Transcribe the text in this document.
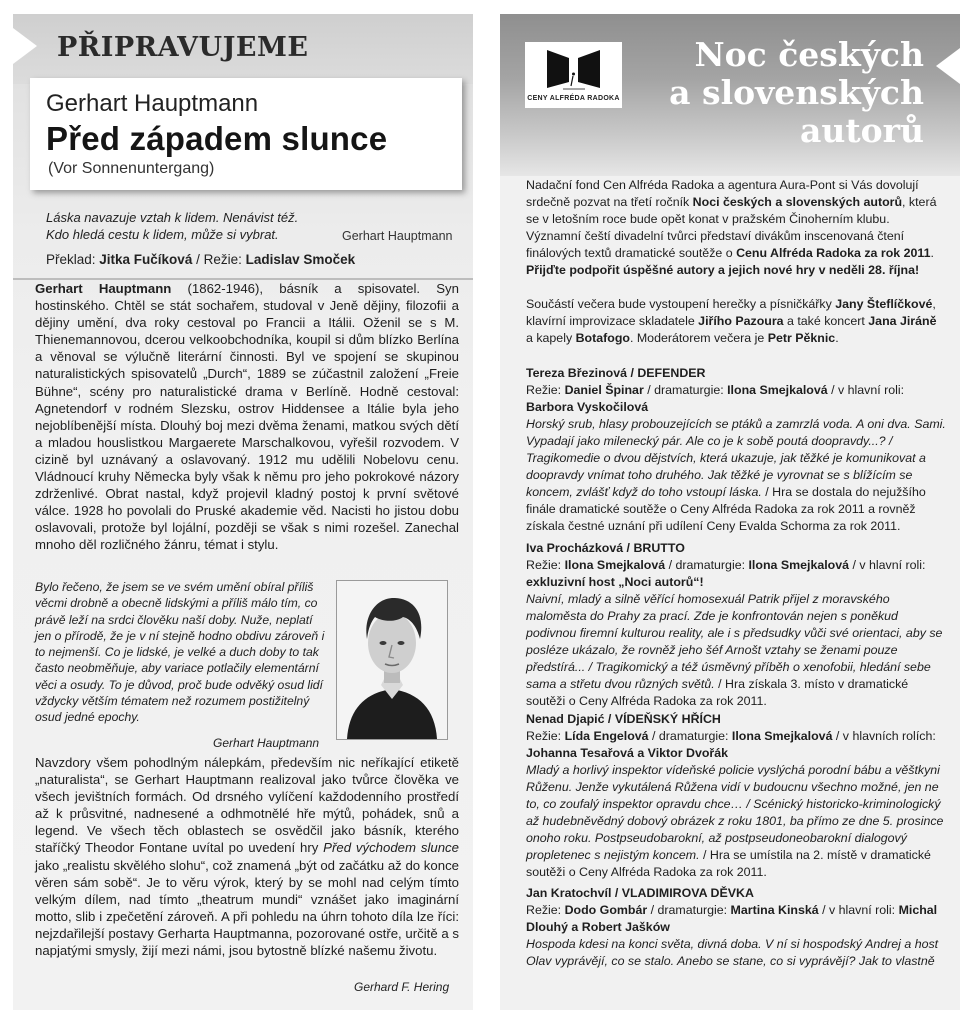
PŘIPRAVUJEME
Gerhart Hauptmann
Před západem slunce
(Vor Sonnenuntergang)
Láska navazuje vztah k lidem. Nenávist též.
Kdo hledá cestu k lidem, může si vybrat.	Gerhart Hauptmann
Překlad: Jitka Fučíková / Režie: Ladislav Smoček
Gerhart Hauptmann (1862-1946), básník a spisovatel. Syn hostinského. Chtěl se stát sochařem, studoval v Jeně dějiny, filozofii a dějiny umění, dva roky cestoval po Francii a Itálii. Oženil se s M. Thienemannovou, dcerou velkoobchodníka, koupil si dům blízko Berlína a věnoval se výlučně literární činnosti. Byl ve spojení se skupinou naturalistických spisovatelů „Durch“, 1889 se zúčastnil založení „Freie Bühne“, scény pro naturalistické drama v Berlíně. Hodně cestoval: Agnetendorf v rodném Slezsku, ostrov Hiddensee a Itálie byla jeho nejoblíbenější místa. Dlouhý boj mezi dvěma ženami, matkou svých dětí a mladou houslistkou Margaerete Marschalkovou, vyřešil rozvodem. V cizině byl uznávaný a oslavovaný. 1912 mu udělili Nobelovu cenu. Vládnoucí kruhy Německa byly však k němu pro jeho pokrokové názory zdrženlivé. Obrat nastal, když projevil kladný postoj k první světové válce. 1928 ho povolali do Pruské akademie věd. Nacisti ho jistou dobu oslavovali, protože byl lojální, později se však s nimi rozešel. Zanechal mnoho děl rozličného žánru, témat i stylu.
Bylo řečeno, že jsem se ve svém umění obíral příliš věcmi drobně a obecně lidskými a příliš málo tím, co právě leží na srdci člověku naší doby. Nuže, neplatí jen o přírodě, že je v ní stejně hodno obdivu zároveň i to nejmenší. Co je lidské, je velké a duch doby to tak často neobměňuje, aby variace potlačily elementární věci a osudy. To je důvod, proč bude odvěký osud lidí vždycky větším tématem než rozumem postižitelný osud jedné epochy.
Gerhart Hauptmann
Navzdory všem pohodlným nálepkám, především nic neříkající etiketě „naturalista“, se Gerhart Hauptmann realizoval jako tvůrce člověka ve všech jevištních formách. Od drsného vylíčení každodenního prostředí až k průsvitné, nadnesené a odhmotnělé hře mýtů, pohádek, snů a legend. Ve všech těch oblastech se osvědčil jako básník, kterého staříčký Theodor Fontane uvítal po uvedení hry Před východem slunce jako „realistu skvělého slohu“, což znamená „být od začátku až do konce věren sám sobě“. Je to věru výrok, který by se mohl nad celým tímto velkým dílem, nad tímto „theatrum mundi“ vznášet jako imaginární motto, slib i zpečetění zároveň. A při pohledu na úhrn tohoto díla lze říci: nejzdařilejší postavy Gerharta Hauptmanna, pozorované ostře, určitě a s napjatými smysly, žijí mezi námi, jsou bytostně blízké našemu životu.
Gerhard F. Hering
CENY ALFRÉDA RADOKA
Noc českých
a slovenských
autorů
Nadační fond Cen Alfréda Radoka a agentura Aura-Pont si Vás dovolují srdečně pozvat na třetí ročník Noci českých a slovenských autorů, která se v letošním roce bude opět konat v pražském Činoherním klubu. Významní čeští divadelní tvůrci představí divákům inscenovaná čtení finálových textů dramatické soutěže o Cenu Alfréda Radoka za rok 2011. Přijďte podpořit úspěšné autory a jejich nové hry v neděli 28. října!
Součástí večera bude vystoupení herečky a písničkářky Jany Šteflíčkové, klavírní improvizace skladatele Jiřího Pazoura a také koncert Jana Jiráně a kapely Botafogo. Moderátorem večera je Petr Pěknic.
Tereza Březinová / DEFENDER
Režie: Daniel Špinar / dramaturgie: Ilona Smejkalová / v hlavní roli: Barbora Vyskočilová
Horský srub, hlasy probouzejících se ptáků a zamrzlá voda. A oni dva. Sami. Vypadají jako milenecký pár. Ale co je k sobě poutá doopravdy...? / Tragikomedie o dvou dějstvích, která ukazuje, jak těžké je komunikovat a doopravdy vnímat toho druhého. Jak těžké je vyrovnat se s blížícím se koncem, zvlášť když do toho vstoupí láska. / Hra se dostala do nejužšího finále dramatické soutěže o Ceny Alfréda Radoka za rok 2011 a rovněž získala čestné uznání při udílení Ceny Evalda Schorma za rok 2011.
Iva Procházková / BRUTTO
Režie: Ilona Smejkalová / dramaturgie: Ilona Smejkalová / v hlavní roli: exkluzivní host „Noci autorů“!
Naivní, mladý a silně věřící homosexuál Patrik přijel z moravského maloměsta do Prahy za prací. Zde je konfrontován nejen s poněkud podivnou firemní kulturou reality, ale i s předsudky vůči své orientaci, aby se posléze ukázalo, že rovněž jeho šéf Arnošt vztahy se ženami pouze předstírá... / Tragikomický a též úsměvný příběh o xenofobii, hledání sebe sama a střetu dvou různých světů. / Hra získala 3. místo v dramatické soutěži o Ceny Alfréda Radoka za rok 2011.
Nenad Djapić / VÍDEŇSKÝ HŘÍCH
Režie: Lída Engelová / dramaturgie: Ilona Smejkalová / v hlavních rolích: Johanna Tesařová a Viktor Dvořák
Mladý a horlivý inspektor vídeňské policie vyslýchá porodní bábu a věštkyni Růženu. Jenže vykutálená Růžena vidí v budoucnu všechno možné, jen ne to, co zoufalý inspektor opravdu chce… / Scénický historicko-kriminologický až hudebněvědný dobový obrázek z roku 1801, ba přímo ze dne 5. prosince onoho roku. Postpseudobarokní, až postpseudoneobarokní dialogový propletenec s nejistým koncem. / Hra se umístila na 2. místě v dramatické soutěži o Ceny Alfréda Radoka za rok 2011.
Jan Kratochvíl / VLADIMIROVA DĚVKA
Režie: Dodo Gombár / dramaturgie: Martina Kinská / v hlavní roli: Michal Dlouhý a Robert Jašków
Hospoda kdesi na konci světa, divná doba. V ní si hospodský Andrej a host Olav vyprávějí, co se stalo. Anebo se stane, co si vyprávějí? Jak to vlastně
